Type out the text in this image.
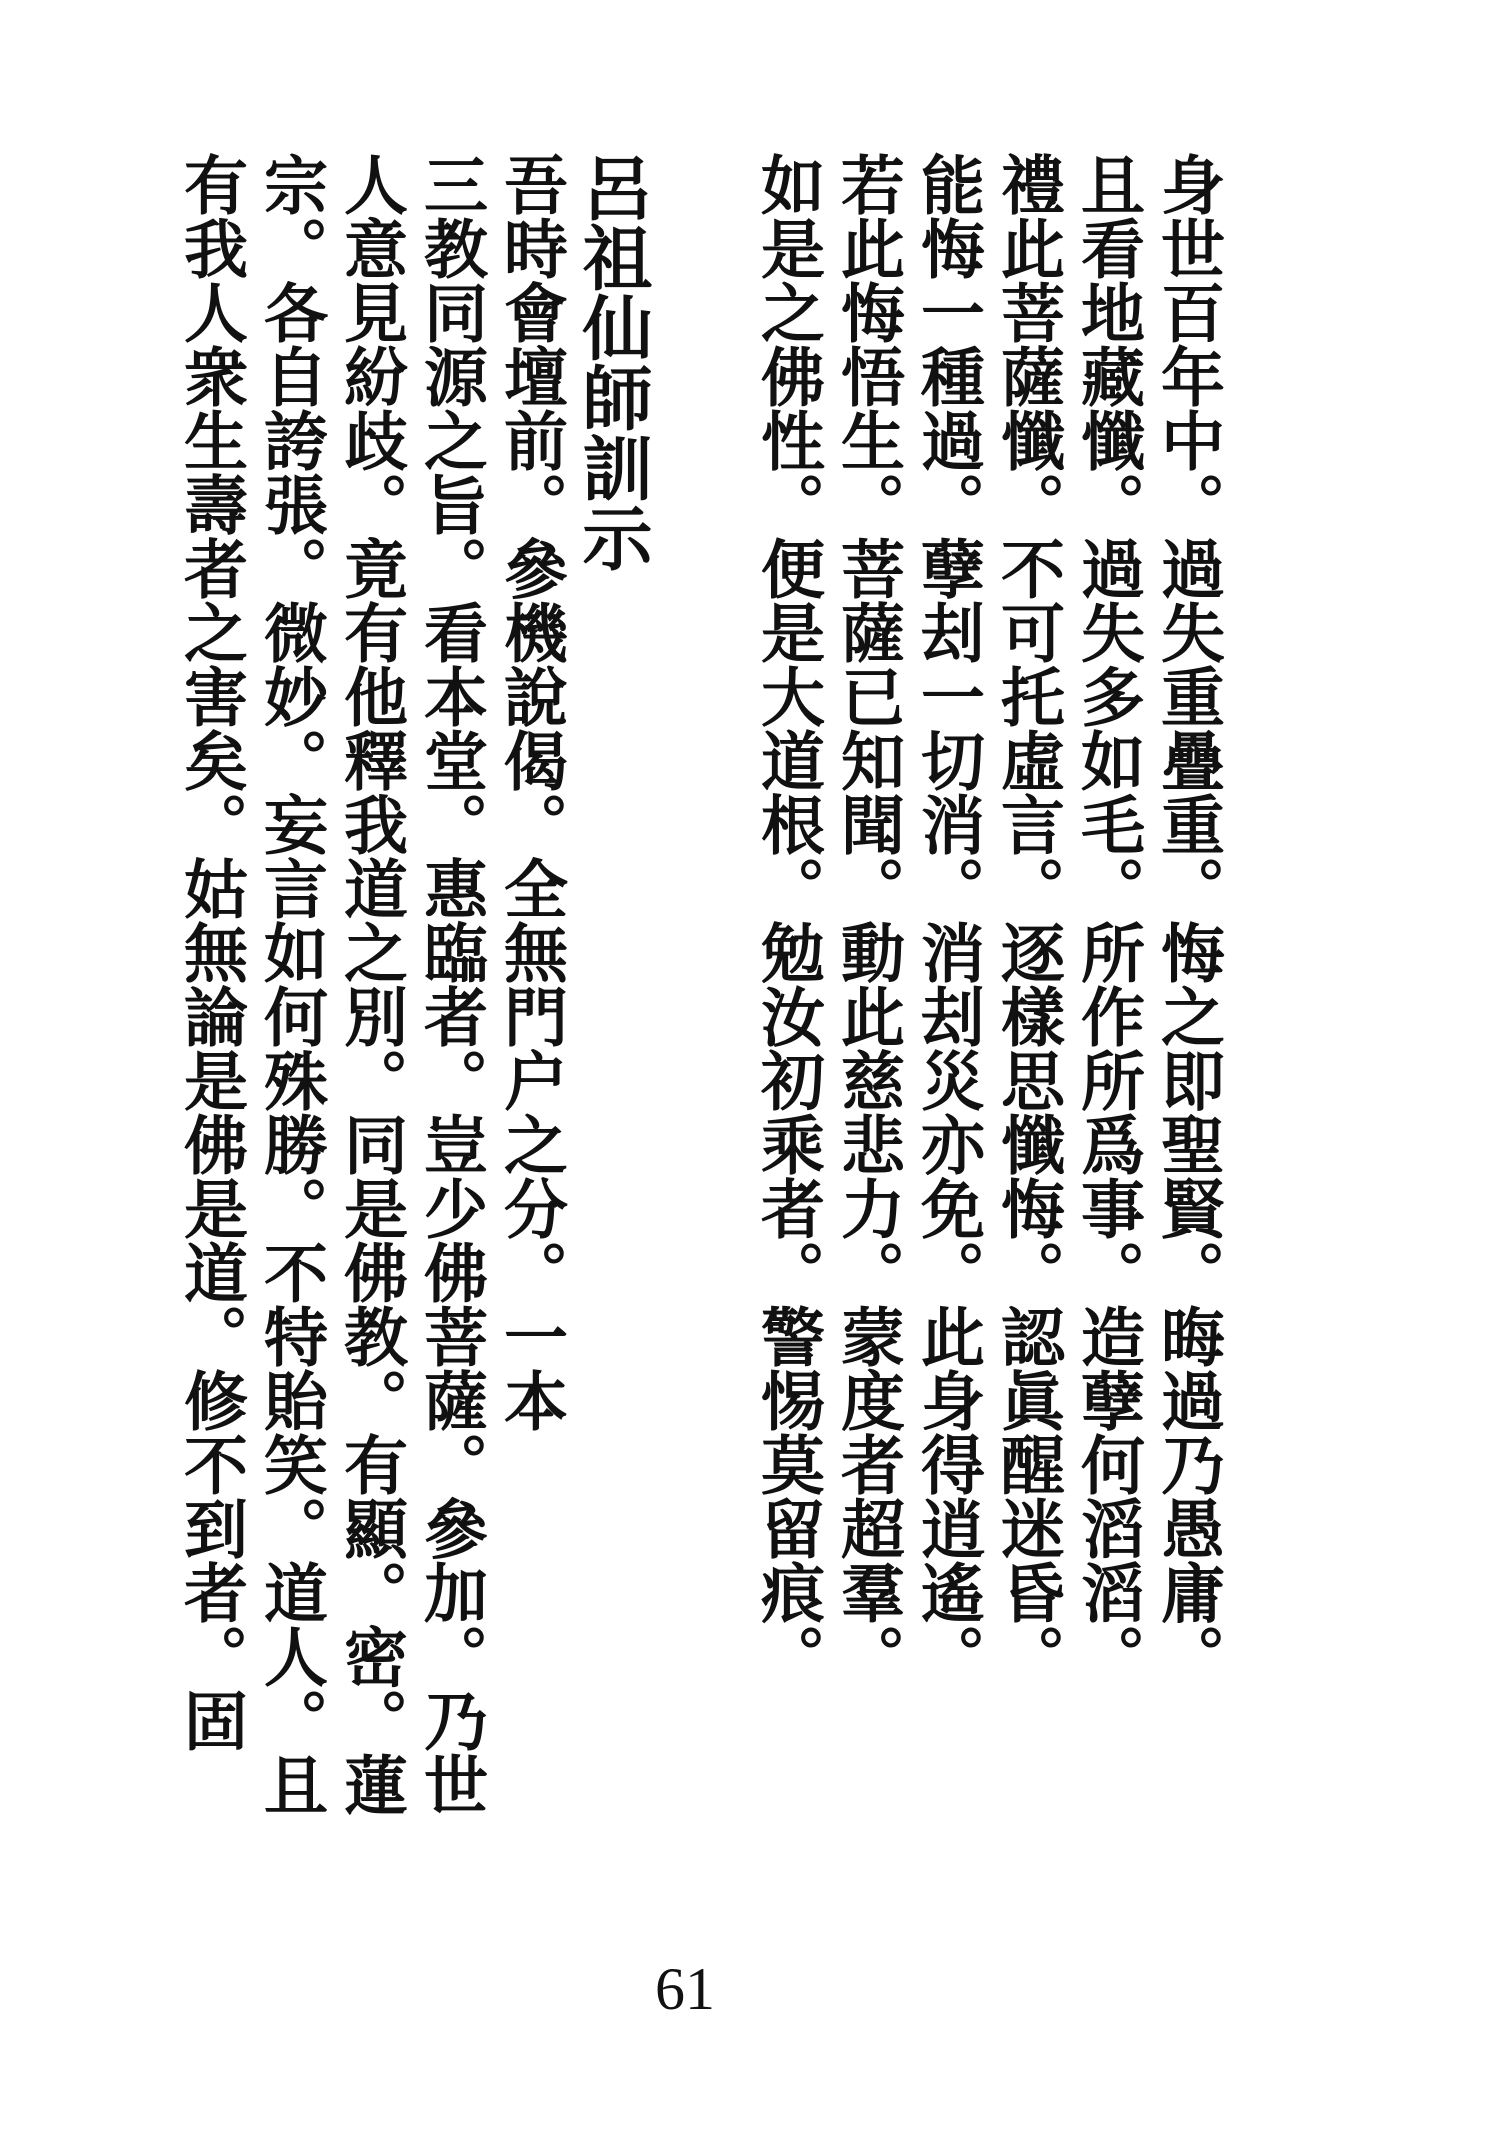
身世百年中。過失重疊重。悔之即聖賢。晦過乃愚庸。
且看地藏懺。過失多如毛。所作所爲事。造孽何滔滔。
禮此菩薩懺。不可托虛言。逐樣思懺悔。認眞醒迷昏。
能悔一種過。孽刦一切消。消刦災亦免。此身得逍遙。
若此悔悟生。菩薩已知聞。動此慈悲力。蒙度者超羣。
如是之佛性。便是大道根。勉汝初乘者。警惕莫留痕。
呂祖仙師訓示
吾時會壇前。參機說偈。全無門户之分。一本
三教同源之旨。看本堂。惠臨者。豈少佛菩薩。參加。乃世
人意見紛歧。竟有他釋我道之別。同是佛教。有顯。密。蓮
宗。各自誇張。微妙。妄言如何殊勝。不特貽笑。道人。且
有我人衆生壽者之害矣。姑無論是佛是道。修不到者。固
61
